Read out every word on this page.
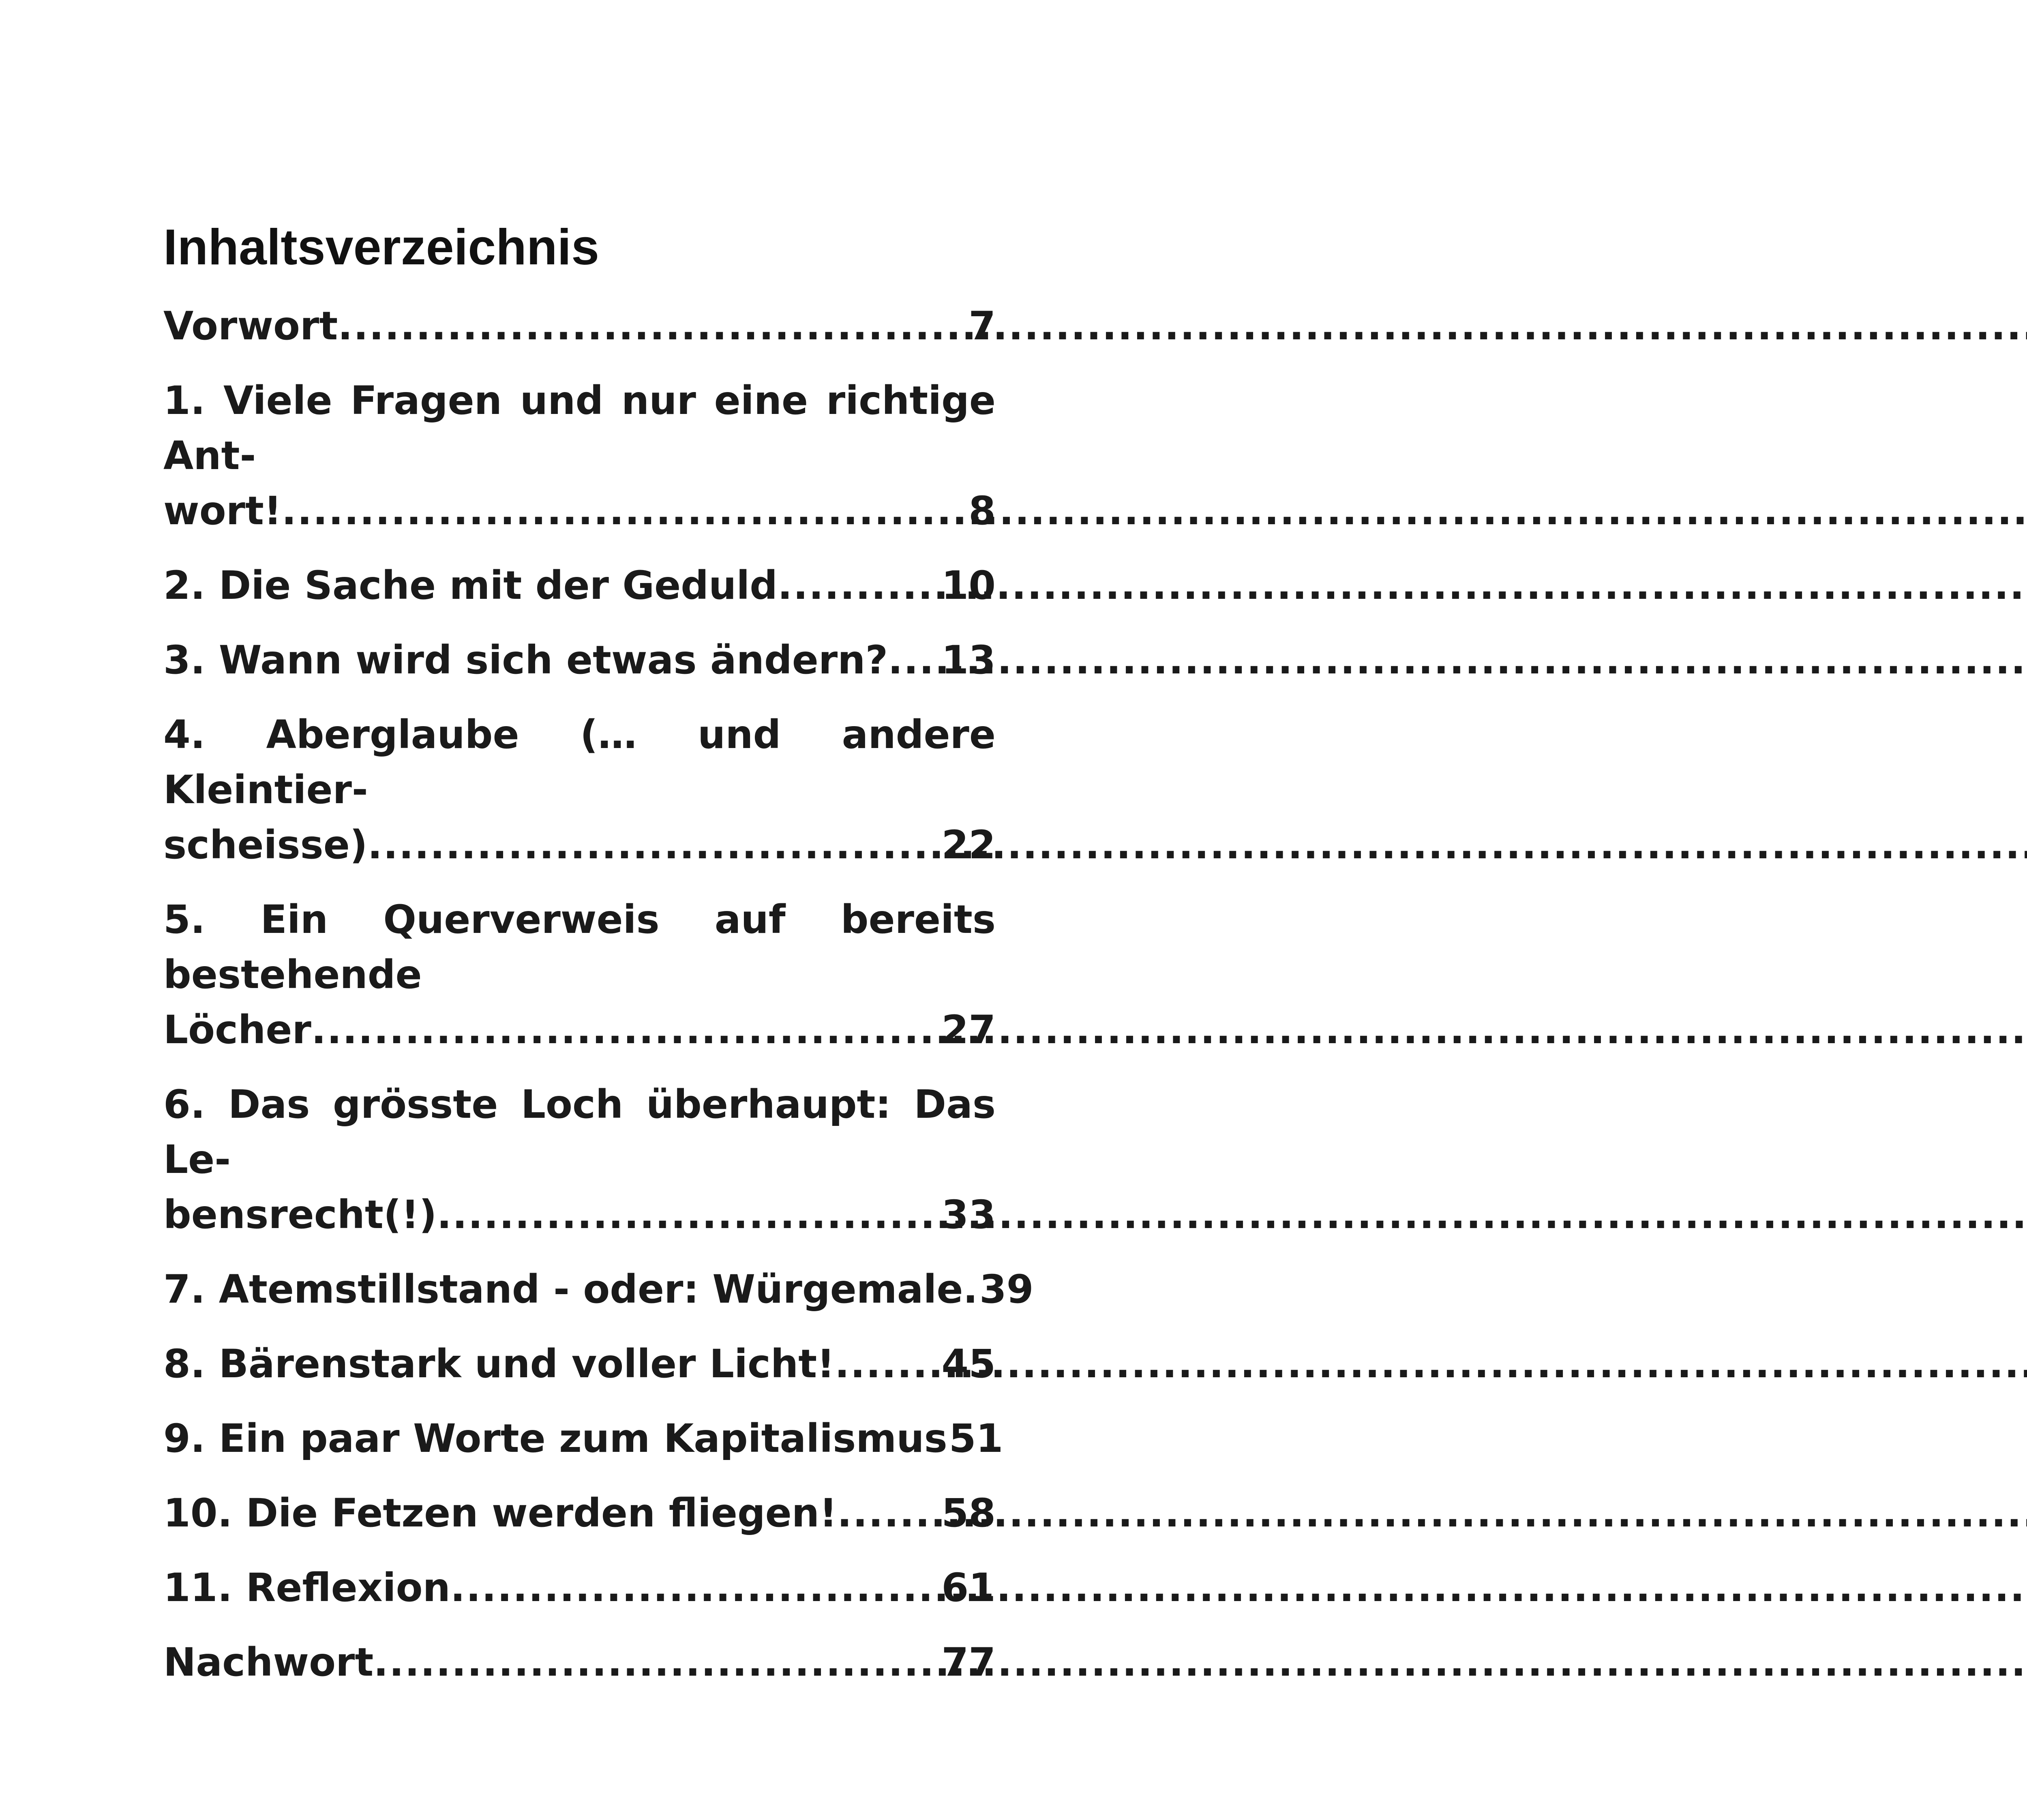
Inhaltsverzeichnis
Vorwort .....	7
1. Viele Fragen und nur eine richtige Ant-
wort! .....	8
2. Die Sache mit der Geduld .....	10
3. Wann wird sich etwas ändern? ..... 13
4. Aberglaube (… und andere Kleintier-
scheisse) .....	22
5. Ein Querverweis auf bereits bestehende
Löcher .....	27
6. Das grösste Loch überhaupt: Das Le-
bensrecht(!) .....	33
7. Atemstillstand - oder: Würgemale. 39
8. Bärenstark und voller Licht! .....	45
9. Ein paar Worte zum Kapitalismus 51
10. Die Fetzen werden fliegen! .....	58
11. Reflexion .....	61
Nachwort .....	77
